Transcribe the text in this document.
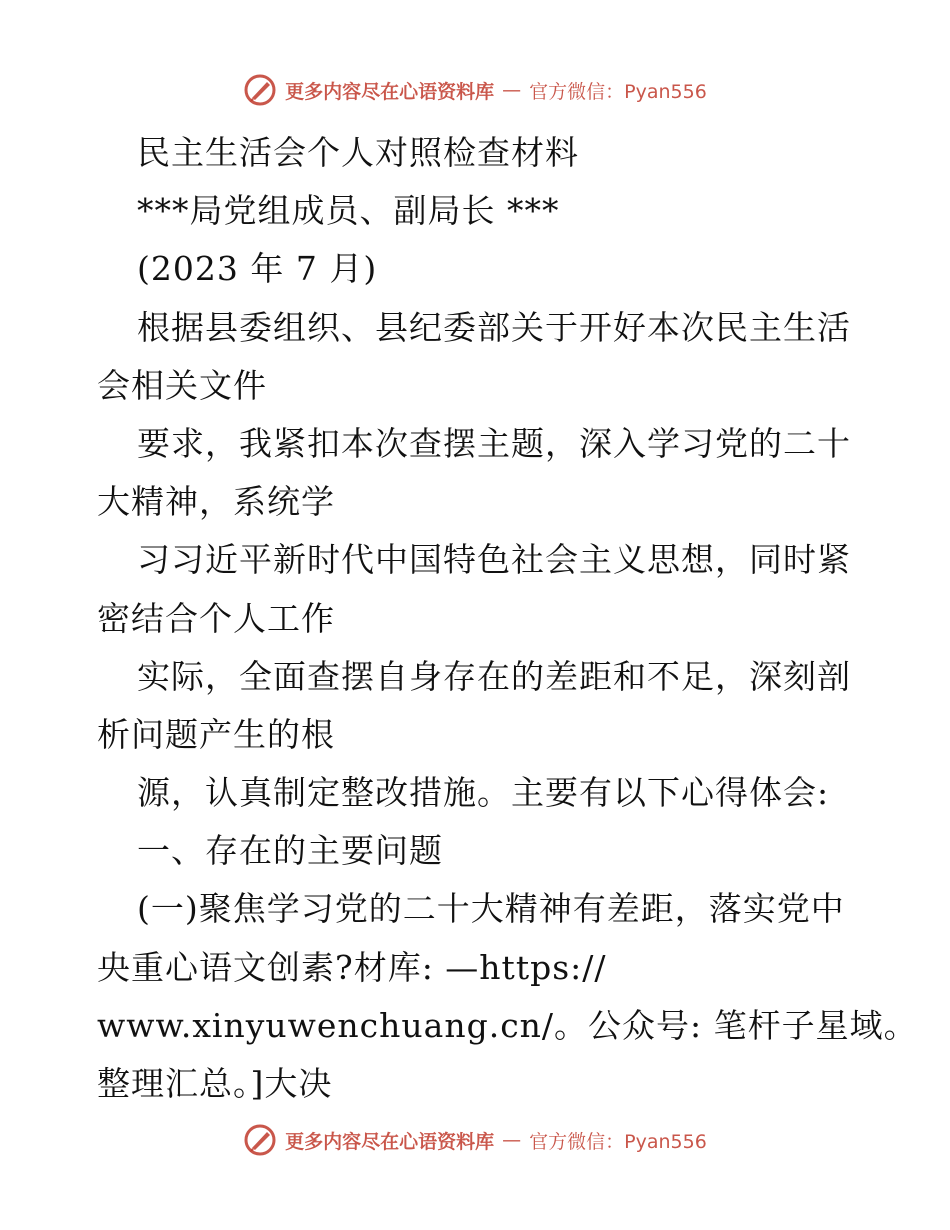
更多内容尽在心语资料库 — 官方微信：Pyan556
民主生活会个人对照检查材料
***局党组成员、副局长 ***
(2023 年 7 月)
根据县委组织、县纪委部关于开好本次民主生活
会相关文件
要求，我紧扣本次查摆主题，深入学习党的二十
大精神，系统学
习习近平新时代中国特色社会主义思想，同时紧
密结合个人工作
实际，全面查摆自身存在的差距和不足，深刻剖
析问题产生的根
源，认真制定整改措施。主要有以下心得体会:
一、存在的主要问题
(一)聚焦学习党的二十大精神有差距，落实党中
央重心语文创素?材库: —https://
www.xinyuwenchuang.cn/。公众号: 笔杆子星域。
整理汇总。]大决
更多内容尽在心语资料库 — 官方微信：Pyan556
